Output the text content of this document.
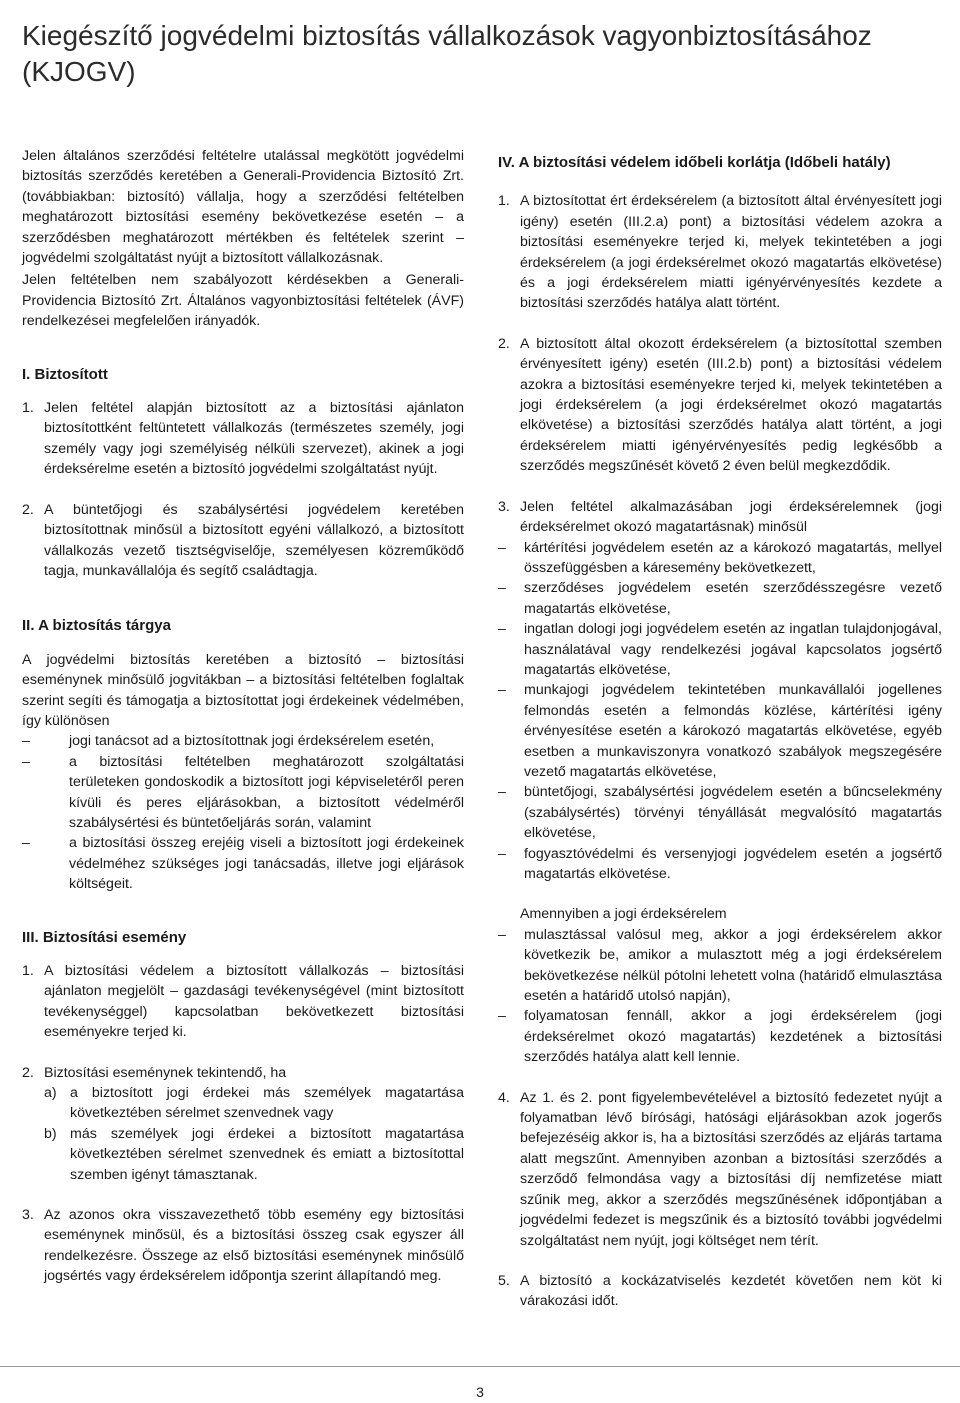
Kiegészítő jogvédelmi biztosítás vállalkozások vagyonbiztosításához (KJOGV)

Jelen általános szerződési feltételre utalással megkötött jogvédelmi biztosítás szerződés keretében a Generali-Providencia Biztosító Zrt. (továbbiakban: biztosító) vállalja, hogy a szerződési feltételben meghatározott biztosítási esemény bekövetkezése esetén – a szerződésben meghatározott mértékben és feltételek szerint – jogvédelmi szolgáltatást nyújt a biztosított vállalkozásnak.

Jelen feltételben nem szabályozott kérdésekben a Generali-Providencia Biztosító Zrt. Általános vagyonbiztosítási feltételek (ÁVF) rendelkezései megfelelően irányadók.

I. Biztosított
1. Jelen feltétel alapján biztosított az a biztosítási ajánlaton biztosítottként feltüntetett vállalkozás (természetes személy, jogi személy vagy jogi személyiség nélküli szervezet), akinek a jogi érdeksérelme esetén a biztosító jogvédelmi szolgáltatást nyújt.
2. A büntetőjogi és szabálysértési jogvédelem keretében biztosítottnak minősül a biztosított egyéni vállalkozó, a biztosított vállalkozás vezető tisztségviselője, személyesen közreműködő tagja, munkavállalója és segítő családtagja.
II. A biztosítás tárgya

A jogvédelmi biztosítás keretében a biztosító – biztosítási eseménynek minősülő jogvitákban – a biztosítási feltételben foglaltak szerint segíti és támogatja a biztosítottat jogi érdekeinek védelmében, így különösen

–	jogi tanácsot ad a biztosítottnak jogi érdeksérelem esetén,
–	a biztosítási feltételben meghatározott szolgáltatási területeken gondoskodik a biztosított jogi képviseletéről peren kívüli és peres eljárásokban, a biztosított védelméről szabálysértési és büntetőeljárás során, valamint
–	a biztosítási összeg erejéig viseli a biztosított jogi érdekeinek védelméhez szükséges jogi tanácsadás, illetve jogi eljárások költségeit.
III. Biztosítási esemény
1. A biztosítási védelem a biztosított vállalkozás – biztosítási ajánlaton megjelölt – gazdasági tevékenységével (mint biztosított tevékenységgel) kapcsolatban bekövetkezett biztosítási eseményekre terjed ki.
2. Biztosítási eseménynek tekintendő, ha
a) a biztosított jogi érdekei más személyek magatartása következtében sérelmet szenvednek vagy
b) más személyek jogi érdekei a biztosított magatartása következtében sérelmet szenvednek és emiatt a biztosítottal szemben igényt támasztanak.
3. Az azonos okra visszavezethető több esemény egy biztosítási eseménynek minősül, és a biztosítási összeg csak egyszer áll rendelkezésre. Összege az első biztosítási eseménynek minősülő jogsértés vagy érdeksérelem időpontja szerint állapítandó meg.
IV. A biztosítási védelem időbeli korlátja (Időbeli hatály)
1. A biztosítottat ért érdeksérelem (a biztosított által érvényesített jogi igény) esetén (III.2.a) pont) a biztosítási védelem azokra a biztosítási eseményekre terjed ki, melyek tekintetében a jogi érdeksérelem (a jogi érdeksérelmet okozó magatartás elkövetése) és a jogi érdeksérelem miatti igényérvényesítés kezdete a biztosítási szerződés hatálya alatt történt.
2. A biztosított által okozott érdeksérelem (a biztosítottal szemben érvényesített igény) esetén (III.2.b) pont) a biztosítási védelem azokra a biztosítási eseményekre terjed ki, melyek tekintetében a jogi érdeksérelem (a jogi érdeksérelmet okozó magatartás elkövetése) a biztosítási szerződés hatálya alatt történt, a jogi érdeksérelem miatti igényérvényesítés pedig legkésőbb a szerződés megszűnését követő 2 éven belül megkezdődik.
3. Jelen feltétel alkalmazásában jogi érdeksérelemnek (jogi érdeksérelmet okozó magatartásnak) minősül
–	kártérítési jogvédelem esetén az a károkozó magatartás, mellyel összefüggésben a káresemény bekövetkezett,
–	szerződéses jogvédelem esetén szerződésszegésre vezető magatartás elkövetése,
–	ingatlan dologi jogi jogvédelem esetén az ingatlan tulajdonjogával, használatával vagy rendelkezési jogával kapcsolatos jogsértő magatartás elkövetése,
–	munkajogi jogvédelem tekintetében munkavállalói jogellenes felmondás esetén a felmondás közlése, kártérítési igény érvényesítése esetén a károkozó magatartás elkövetése, egyéb esetben a munkaviszonyra vonatkozó szabályok megszegésére vezető magatartás elkövetése,
–	büntetőjogi, szabálysértési jogvédelem esetén a bűncselekmény (szabálysértés) törvényi tényállását megvalósító magatartás elkövetése,
–	fogyasztóvédelmi és versenyjogi jogvédelem esetén a jogsértő magatartás elkövetése.

Amennyiben a jogi érdeksérelem

–	mulasztással valósul meg, akkor a jogi érdeksérelem akkor következik be, amikor a mulasztott még a jogi érdeksérelem bekövetkezése nélkül pótolni lehetett volna (határidő elmulasztása esetén a határidő utolsó napján),
–	folyamatosan fennáll, akkor a jogi érdeksérelem (jogi érdeksérelmet okozó magatartás) kezdetének a biztosítási szerződés hatálya alatt kell lennie.
4. Az 1. és 2. pont figyelembevételével a biztosító fedezetet nyújt a folyamatban lévő bírósági, hatósági eljárásokban azok jogerős befejezéséig akkor is, ha a biztosítási szerződés az eljárás tartama alatt megszűnt. Amennyiben azonban a biztosítási szerződés a szerződő felmondása vagy a biztosítási díj nemfizetése miatt szűnik meg, akkor a szerződés megszűnésének időpontjában a jogvédelmi fedezet is megszűnik és a biztosító további jogvédelmi szolgáltatást nem nyújt, jogi költséget nem térít.
5. A biztosító a kockázatviselés kezdetét követően nem köt ki várakozási időt.
3
